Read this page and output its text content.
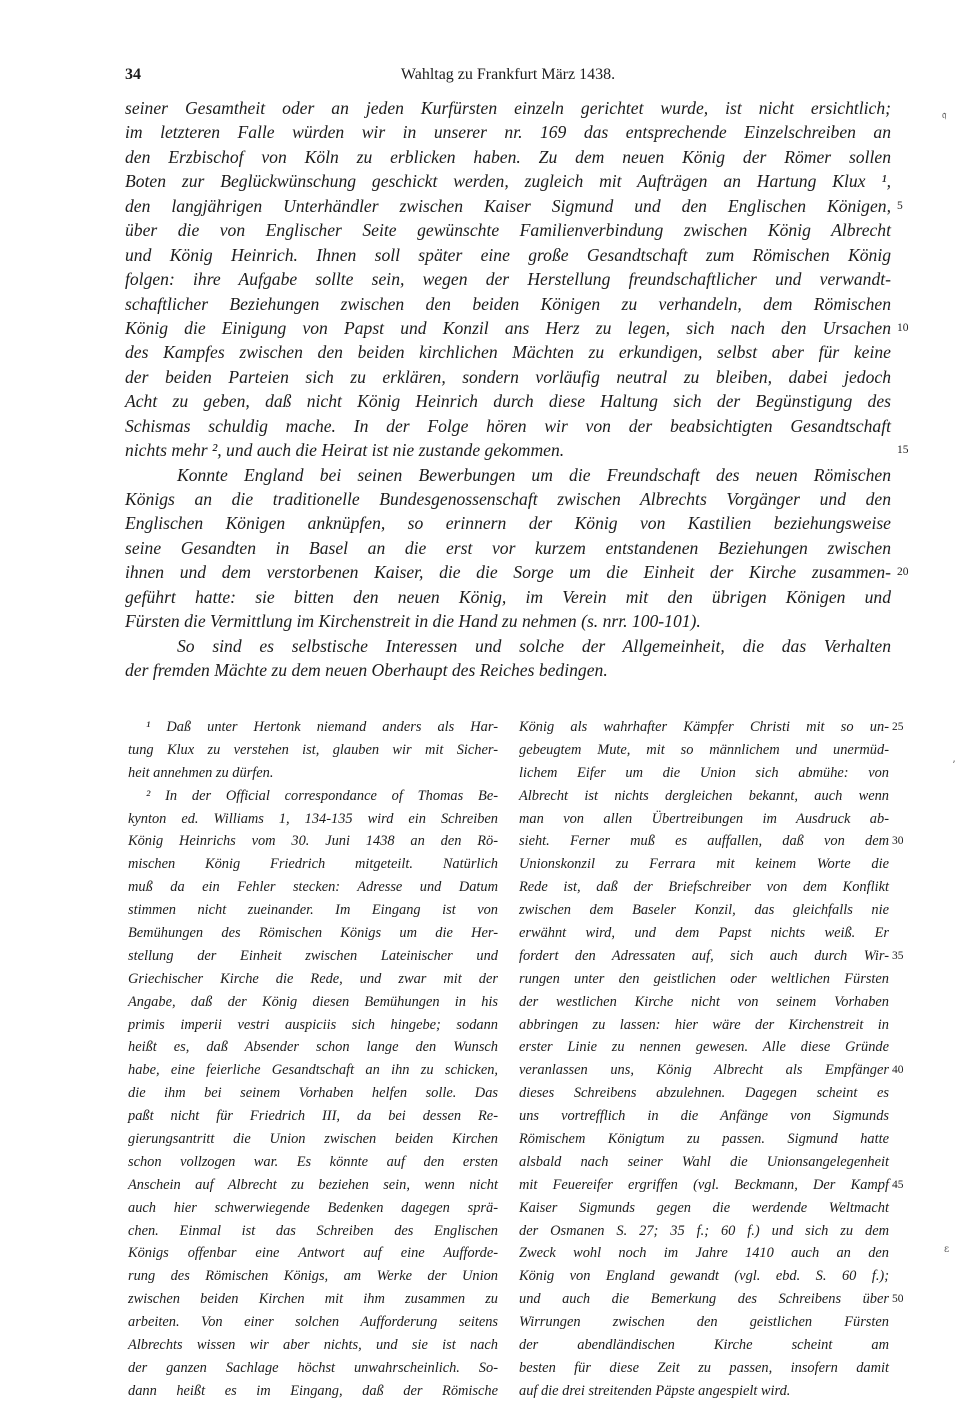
34	Wahltag zu Frankfurt März 1438.
seiner Gesamtheit oder an jeden Kurfürsten einzeln gerichtet wurde, ist nicht ersichtlich;
im letzteren Falle würden wir in unserer nr. 169 das entsprechende Einzelschreiben an
den Erzbischof von Köln zu erblicken haben. Zu dem neuen König der Römer sollen
Boten zur Beglückwünschung geschickt werden, zugleich mit Aufträgen an Hartung Klux ¹,
den langjährigen Unterhändler zwischen Kaiser Sigmund und den Englischen Königen, 5
über die von Englischer Seite gewünschte Familienverbindung zwischen König Albrecht
und König Heinrich. Ihnen soll später eine große Gesandtschaft zum Römischen König
folgen: ihre Aufgabe sollte sein, wegen der Herstellung freundschaftlicher und verwandt-
schaftlicher Beziehungen zwischen den beiden Königen zu verhandeln, dem Römischen
König die Einigung von Papst und Konzil ans Herz zu legen, sich nach den Ursachen 10
des Kampfes zwischen den beiden kirchlichen Mächten zu erkundigen, selbst aber für keine
der beiden Parteien sich zu erklären, sondern vorläufig neutral zu bleiben, dabei jedoch
Acht zu geben, daß nicht König Heinrich durch diese Haltung sich der Begünstigung des
Schismas schuldig mache. In der Folge hören wir von der beabsichtigten Gesandtschaft
nichts mehr ², und auch die Heirat ist nie zustande gekommen.	15
Konnte England bei seinen Bewerbungen um die Freundschaft des neuen Römischen
Königs an die traditionelle Bundesgenossenschaft zwischen Albrechts Vorgänger und den
Englischen Königen anknüpfen, so erinnern der König von Kastilien beziehungsweise
seine Gesandten in Basel an die erst vor kurzem entstandenen Beziehungen zwischen
ihnen und dem verstorbenen Kaiser, die die Sorge um die Einheit der Kirche zusammen- 20
geführt hatte: sie bitten den neuen König, im Verein mit den übrigen Königen und
Fürsten die Vermittlung im Kirchenstreit in die Hand zu nehmen (s. nrr. 100-101).
So sind es selbstische Interessen und solche der Allgemeinheit, die das Verhalten
der fremden Mächte zu dem neuen Oberhaupt des Reiches bedingen.
¹ Daß unter Hertonk niemand anders als Har-
tung Klux zu verstehen ist, glauben wir mit Sicher-
heit annehmen zu dürfen.
² In der Official correspondance of Thomas Be-
kynton ed. Williams 1, 134-135 wird ein Schreiben
König Heinrichs vom 30. Juni 1438 an den Rö-
mischen König Friedrich mitgeteilt. Natürlich
muß da ein Fehler stecken: Adresse und Datum
stimmen nicht zueinander. Im Eingang ist von
Bemühungen des Römischen Königs um die Her-
stellung der Einheit zwischen Lateinischer und
Griechischer Kirche die Rede, und zwar mit der
Angabe, daß der König diesen Bemühungen in his
primis imperii vestri auspiciis sich hingebe; sodann
heißt es, daß Absender schon lange den Wunsch
habe, eine feierliche Gesandtschaft an ihn zu schicken,
die ihm bei seinem Vorhaben helfen solle. Das
paßt nicht für Friedrich III, da bei dessen Re-
gierungsantritt die Union zwischen beiden Kirchen
schon vollzogen war. Es könnte auf den ersten
Anschein auf Albrecht zu beziehen sein, wenn nicht
auch hier schwerwiegende Bedenken dagegen sprä-
chen. Einmal ist das Schreiben des Englischen
Königs offenbar eine Antwort auf eine Aufforde-
rung des Römischen Königs, am Werke der Union
zwischen beiden Kirchen mit ihm zusammen zu
arbeiten. Von einer solchen Aufforderung seitens
Albrechts wissen wir aber nichts, und sie ist nach
der ganzen Sachlage höchst unwahrscheinlich. So-
dann heißt es im Eingang, daß der Römische
König als wahrhafter Kämpfer Christi mit so un- 25
gebeugtem Mute, mit so männlichem und unermüd-
lichem Eifer um die Union sich abmühe: von
Albrecht ist nichts dergleichen bekannt, auch wenn
man von allen Übertreibungen im Ausdruck ab-
sieht. Ferner muß es auffallen, daß von dem 30
Unionskonzil zu Ferrara mit keinem Worte die
Rede ist, daß der Briefschreiber von dem Konflikt
zwischen dem Baseler Konzil, das gleichfalls nie
erwähnt wird, und dem Papst nichts weiß. Er
fordert den Adressaten auf, sich auch durch Wir- 35
rungen unter den geistlichen oder weltlichen Fürsten
der westlichen Kirche nicht von seinem Vorhaben
abbringen zu lassen: hier wäre der Kirchenstreit in
erster Linie zu nennen gewesen. Alle diese Gründe
veranlassen uns, König Albrecht als Empfänger 40
dieses Schreibens abzulehnen. Dagegen scheint es
uns vortrefflich in die Anfänge von Sigmunds
Römischem Königtum zu passen. Sigmund hatte
alsbald nach seiner Wahl die Unionsangelegenheit
mit Feuereifer ergriffen (vgl. Beckmann, Der Kampf 45
Kaiser Sigmunds gegen die werdende Weltmacht
der Osmanen S. 27; 35 f.; 60 f.) und sich zu dem
Zweck wohl noch im Jahre 1410 auch an den
König von England gewandt (vgl. ebd. S. 60 f.);
und auch die Bemerkung des Schreibens über 50
Wirrungen zwischen den geistlichen Fürsten
der abendländischen Kirche scheint am
besten für diese Zeit zu passen, insofern damit
auf die drei streitenden Päpste angespielt wird.
𝔮
ʼ
ɛ
